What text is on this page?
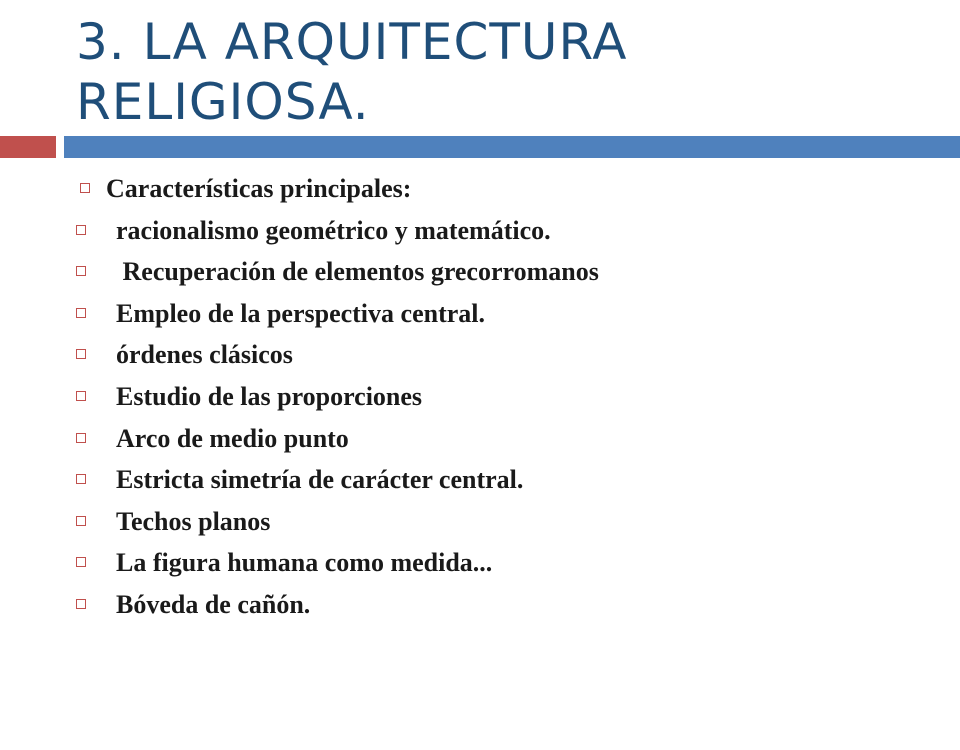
3. LA ARQUITECTURA
RELIGIOSA.

Características principales:

racionalismo geométrico y matemático.

Recuperación de elementos grecorromanos

Empleo de la perspectiva central.

órdenes clásicos

Estudio de las proporciones

Arco de medio punto

Estricta simetría de carácter central.

Techos planos

La figura humana como medida...

Bóveda de cañón.
